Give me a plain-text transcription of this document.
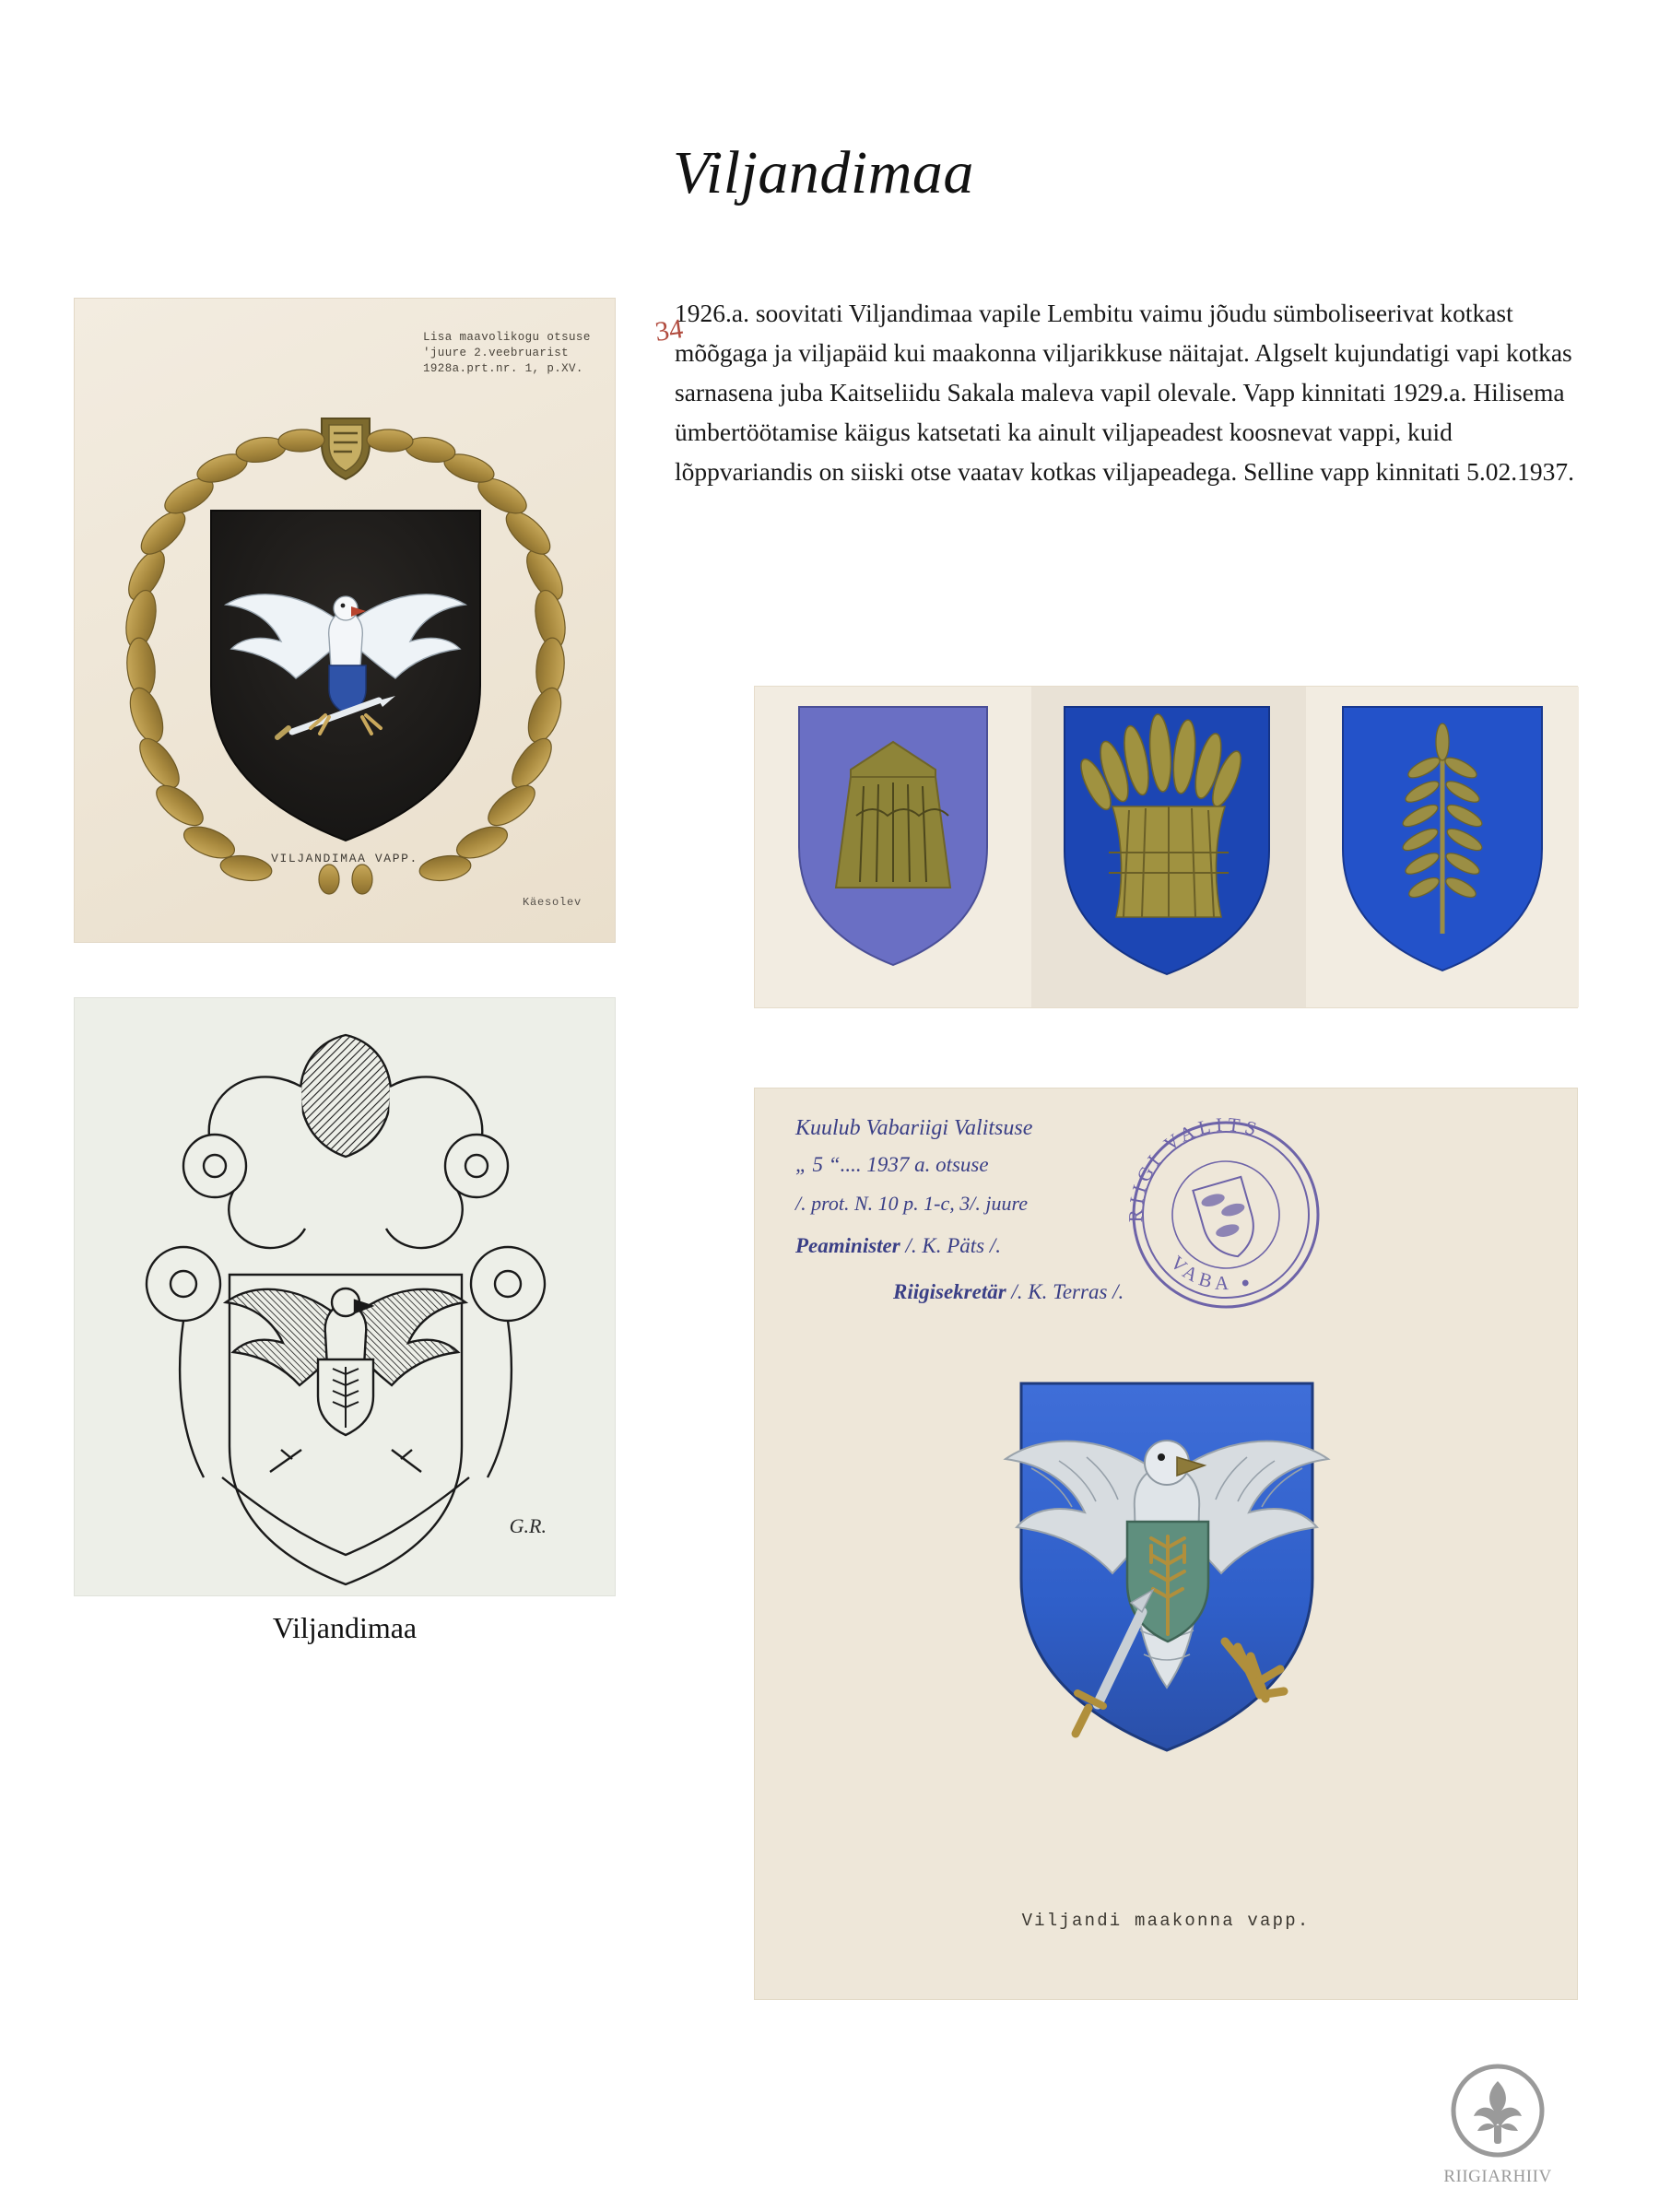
Viljandimaa
1926.a. soovitati Viljandimaa vapile Lembitu vaimu jõudu sümboliseerivat kotkast mõõgaga ja viljapäid kui maakonna viljarikkuse näitajat. Algselt kujundatigi vapi kotkas sarnasena juba Kaitseliidu Sakala maleva vapil olevale. Vapp kinnitati 1929.a. Hilisema ümbertöötamise käigus katsetati ka ainult viljapeadest koosnevat vappi, kuid lõppvariandis on siiski otse vaatav kotkas viljapeadega. Selline vapp kinnitati 5.02.1937.
Lisa maavolikogu otsuse 'juure 2.veebruarist 1928a.prt.nr. 1, p.XV.
34
VILJANDIMAA VAPP.
Käesolev
G.R.
Viljandimaa
Kuulub Vabariigi Valitsuse
„ 5 “.... 1937 a. otsuse
/. prot. N. 10 p. 1-c, 3/. juure
Peaminister /. K. Päts /.
Riigisekretär /. K. Terras /.
RIIGI VALITS
VABA
Viljandi maakonna vapp.
RIIGIARHIIV
